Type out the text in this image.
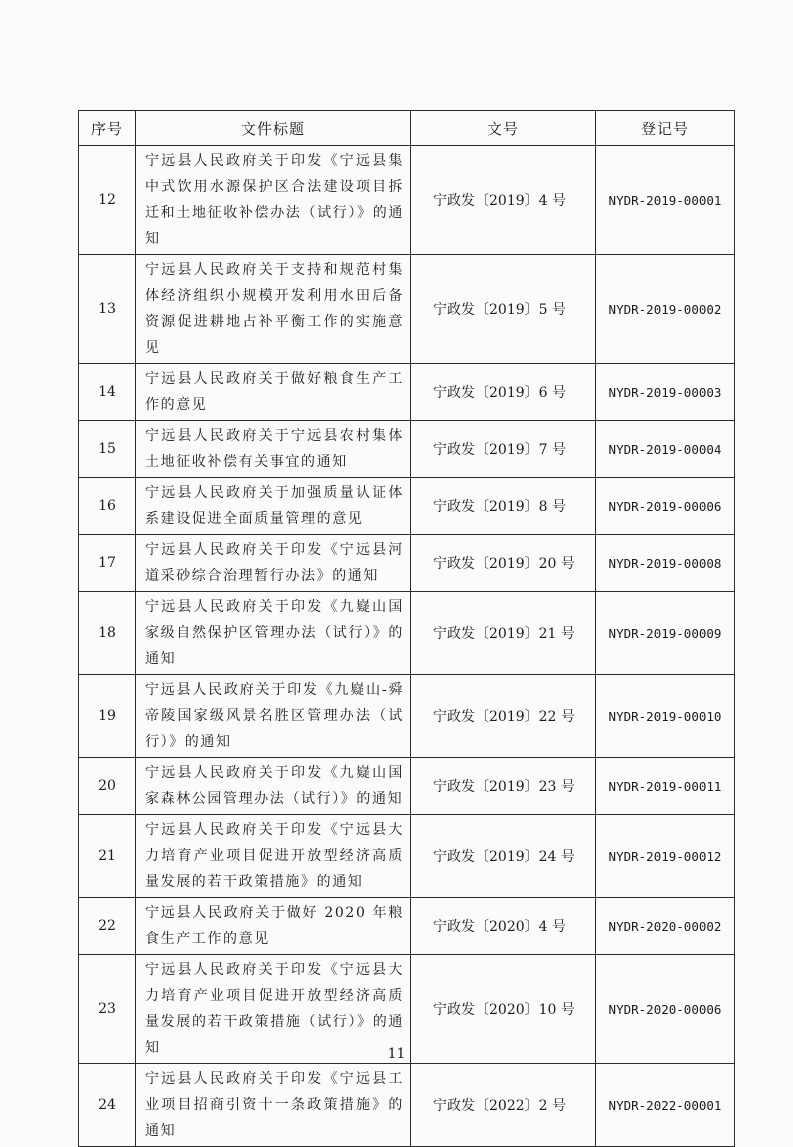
序号	文件标题	文号	登记号
12	宁远县人民政府关于印发《宁远县集中式饮用水源保护区合法建设项目拆迁和土地征收补偿办法（试行）》的通知	宁政发〔2019〕4 号	NYDR-2019-00001
13	宁远县人民政府关于支持和规范村集体经济组织小规模开发利用水田后备资源促进耕地占补平衡工作的实施意见	宁政发〔2019〕5 号	NYDR-2019-00002
14	宁远县人民政府关于做好粮食生产工作的意见	宁政发〔2019〕6 号	NYDR-2019-00003
15	宁远县人民政府关于宁远县农村集体土地征收补偿有关事宜的通知	宁政发〔2019〕7 号	NYDR-2019-00004
16	宁远县人民政府关于加强质量认证体系建设促进全面质量管理的意见	宁政发〔2019〕8 号	NYDR-2019-00006
17	宁远县人民政府关于印发《宁远县河道采砂综合治理暂行办法》的通知	宁政发〔2019〕20 号	NYDR-2019-00008
18	宁远县人民政府关于印发《九嶷山国家级自然保护区管理办法（试行）》的通知	宁政发〔2019〕21 号	NYDR-2019-00009
19	宁远县人民政府关于印发《九嶷山-舜帝陵国家级风景名胜区管理办法（试行）》的通知	宁政发〔2019〕22 号	NYDR-2019-00010
20	宁远县人民政府关于印发《九嶷山国家森林公园管理办法（试行）》的通知	宁政发〔2019〕23 号	NYDR-2019-00011
21	宁远县人民政府关于印发《宁远县大力培育产业项目促进开放型经济高质量发展的若干政策措施》的通知	宁政发〔2019〕24 号	NYDR-2019-00012
22	宁远县人民政府关于做好 2020 年粮食生产工作的意见	宁政发〔2020〕4 号	NYDR-2020-00002
23	宁远县人民政府关于印发《宁远县大力培育产业项目促进开放型经济高质量发展的若干政策措施（试行）》的通知	宁政发〔2020〕10 号	NYDR-2020-00006
24	宁远县人民政府关于印发《宁远县工业项目招商引资十一条政策措施》的通知	宁政发〔2022〕2 号	NYDR-2022-00001
11
